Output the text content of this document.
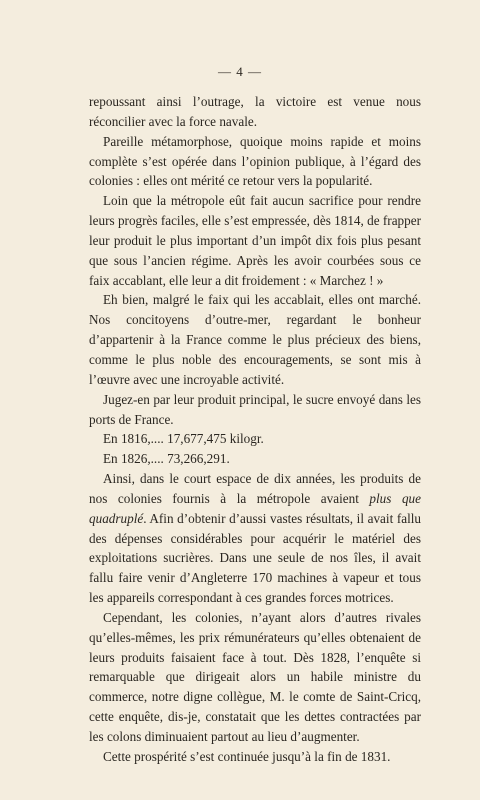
— 4 —

repoussant ainsi l’outrage, la victoire est venue nous réconcilier avec la force navale.

Pareille métamorphose, quoique moins rapide et moins complète s’est opérée dans l’opinion publique, à l’égard des colonies : elles ont mérité ce retour vers la popularité.

Loin que la métropole eût fait aucun sacrifice pour rendre leurs progrès faciles, elle s’est empressée, dès 1814, de frapper leur produit le plus important d’un impôt dix fois plus pesant que sous l’ancien régime. Après les avoir courbées sous ce faix accablant, elle leur a dit froidement : « Marchez ! »

Eh bien, malgré le faix qui les accablait, elles ont marché. Nos concitoyens d’outre-mer, regardant le bonheur d’appartenir à la France comme le plus précieux des biens, comme le plus noble des encouragements, se sont mis à l’œuvre avec une incroyable activité.

Jugez-en par leur produit principal, le sucre envoyé dans les ports de France.

En 1816,.... 17,677,475 kilogr.

En 1826,.... 73,266,291.

Ainsi, dans le court espace de dix années, les produits de nos colonies fournis à la métropole avaient plus que quadruplé. Afin d’obtenir d’aussi vastes résultats, il avait fallu des dépenses considérables pour acquérir le matériel des exploitations sucrières. Dans une seule de nos îles, il avait fallu faire venir d’Angleterre 170 machines à vapeur et tous les appareils correspondant à ces grandes forces motrices.

Cependant, les colonies, n’ayant alors d’autres rivales qu’elles-mêmes, les prix rémunérateurs qu’elles obtenaient de leurs produits faisaient face à tout. Dès 1828, l’enquête si remarquable que dirigeait alors un habile ministre du commerce, notre digne collègue, M. le comte de Saint-Cricq, cette enquête, dis-je, constatait que les dettes contractées par les colons diminuaient partout au lieu d’augmenter.

Cette prospérité s’est continuée jusqu’à la fin de 1831.
